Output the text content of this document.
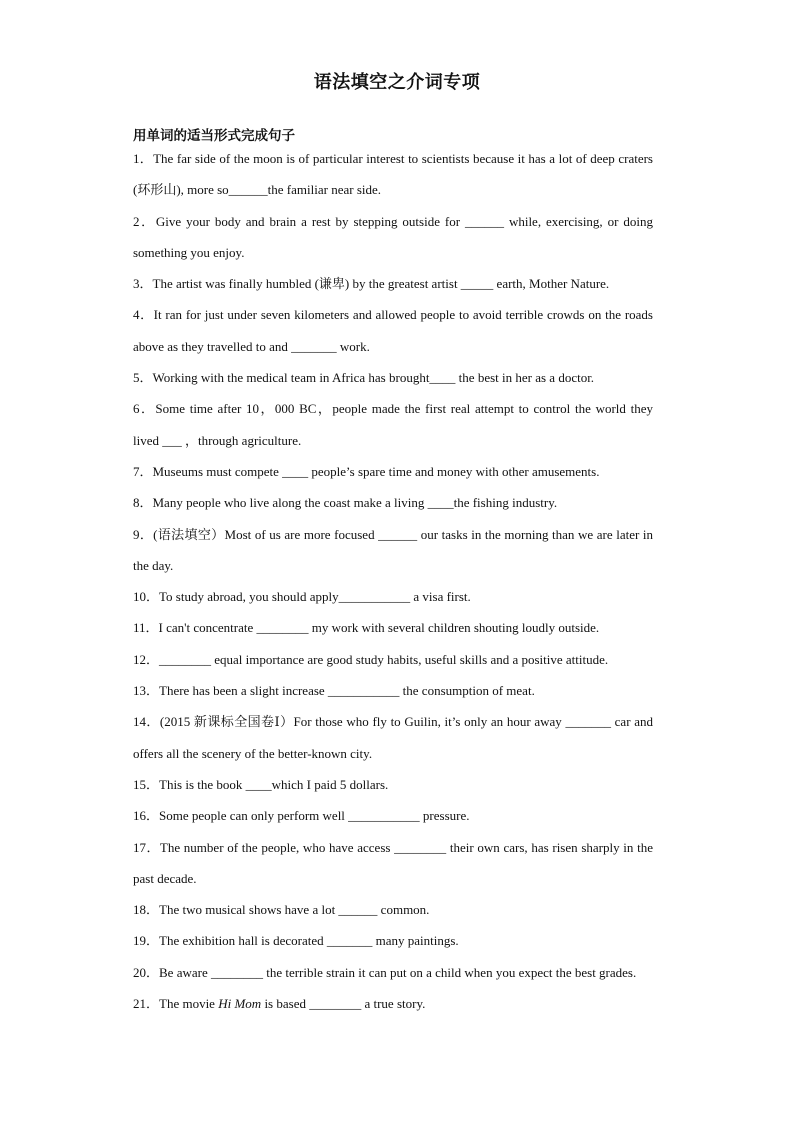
语法填空之介词专项
用单词的适当形式完成句子
1．The far side of the moon is of particular interest to scientists because it has a lot of deep craters (环形山), more so______the familiar near side.
2．Give your body and brain a rest by stepping outside for ______ while, exercising, or doing something you enjoy.
3．The artist was finally humbled (谦卑) by the greatest artist _____ earth, Mother Nature.
4．It ran for just under seven kilometers and allowed people to avoid terrible crowds on the roads above as they travelled to and _______ work.
5．Working with the medical team in Africa has brought____ the best in her as a doctor.
6．Some time after 10，000 BC，people made the first real attempt to control the world they lived ___ ，through agriculture.
7．Museums must compete ____ people’s spare time and money with other amusements.
8．Many people who live along the coast make a living ____the fishing industry.
9．(语法填空）Most of us are more focused ______ our tasks in the morning than we are later in the day.
10．To study abroad, you should apply___________ a visa first.
11．I can't concentrate ________ my work with several children shouting loudly outside.
12．________ equal importance are good study habits, useful skills and a positive attitude.
13．There has been a slight increase ___________ the consumption of meat.
14．(2015 新课标全国卷Ⅰ）For those who fly to Guilin, it’s only an hour away _______ car and offers all the scenery of the better-known city.
15．This is the book ____which I paid 5 dollars.
16．Some people can only perform well ___________ pressure.
17．The number of the people, who have access ________ their own cars, has risen sharply in the past decade.
18．The two musical shows have a lot ______ common.
19．The exhibition hall is decorated _______ many paintings.
20．Be aware ________ the terrible strain it can put on a child when you expect the best grades.
21．The movie Hi Mom is based ________ a true story.
